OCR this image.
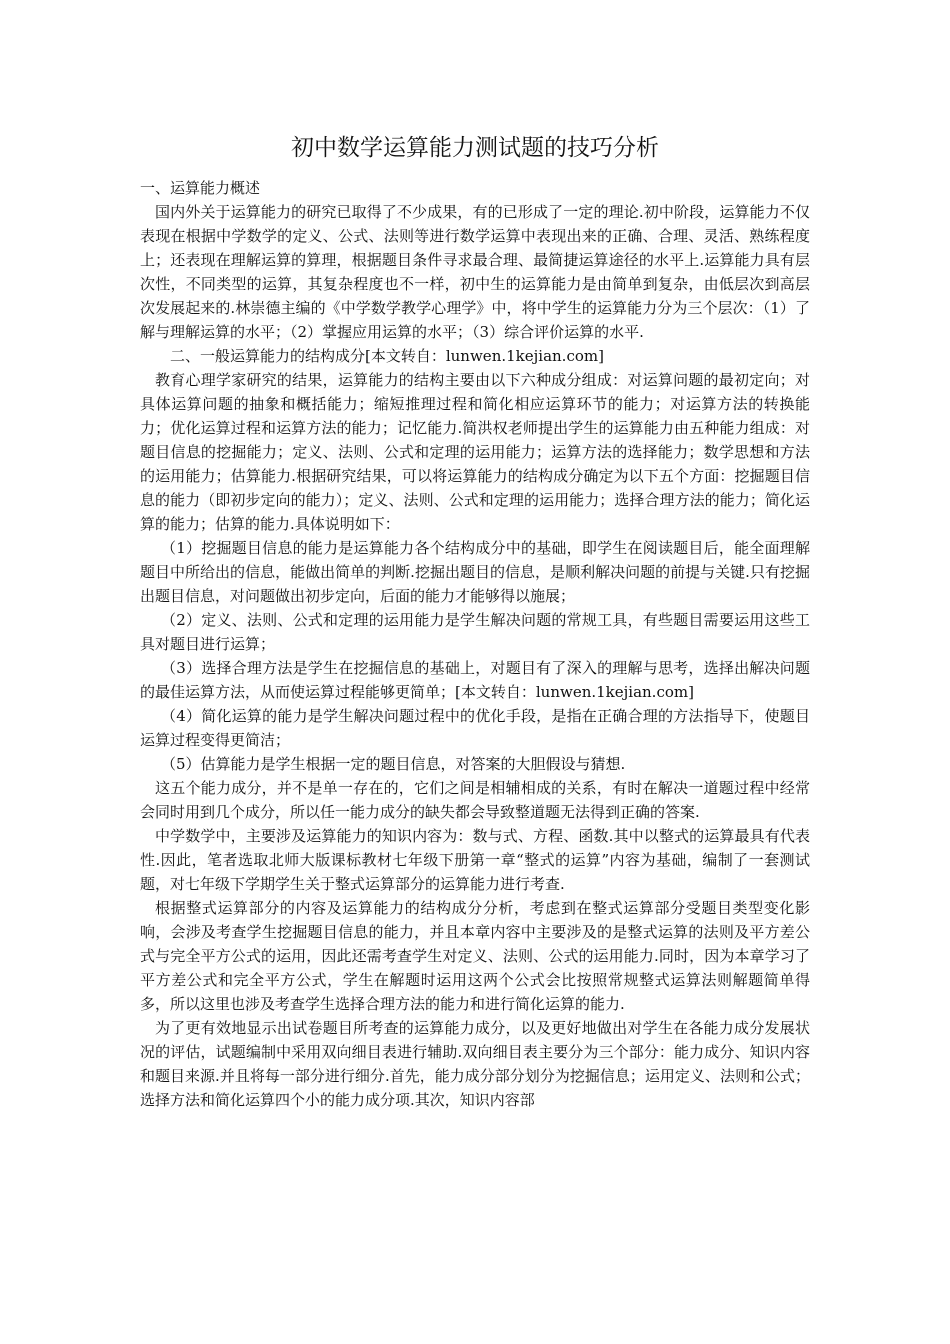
初中数学运算能力测试题的技巧分析

一、运算能力概述

国内外关于运算能力的研究已取得了不少成果，有的已形成了一定的理论.初中阶段，运算能力不仅表现在根据中学数学的定义、公式、法则等进行数学运算中表现出来的正确、合理、灵活、熟练程度上；还表现在理解运算的算理，根据题目条件寻求最合理、最简捷运算途径的水平上.运算能力具有层次性，不同类型的运算，其复杂程度也不一样，初中生的运算能力是由简单到复杂，由低层次到高层次发展起来的.林崇德主编的《中学数学教学心理学》中，将中学生的运算能力分为三个层次：（1）了解与理解运算的水平；（2）掌握应用运算的水平；（3）综合评价运算的水平.

二、一般运算能力的结构成分[本文转自：lunwen.1kejian.com]

教育心理学家研究的结果，运算能力的结构主要由以下六种成分组成：对运算问题的最初定向；对具体运算问题的抽象和概括能力；缩短推理过程和简化相应运算环节的能力；对运算方法的转换能力；优化运算过程和运算方法的能力；记忆能力.简洪权老师提出学生的运算能力由五种能力组成：对题目信息的挖掘能力；定义、法则、公式和定理的运用能力；运算方法的选择能力；数学思想和方法的运用能力；估算能力.根据研究结果，可以将运算能力的结构成分确定为以下五个方面：挖掘题目信息的能力（即初步定向的能力）；定义、法则、公式和定理的运用能力；选择合理方法的能力；简化运算的能力；估算的能力.具体说明如下：

（1）挖掘题目信息的能力是运算能力各个结构成分中的基础，即学生在阅读题目后，能全面理解题目中所给出的信息，能做出简单的判断.挖掘出题目的信息，是顺利解决问题的前提与关键.只有挖掘出题目信息，对问题做出初步定向，后面的能力才能够得以施展；

（2）定义、法则、公式和定理的运用能力是学生解决问题的常规工具，有些题目需要运用这些工具对题目进行运算；

（3）选择合理方法是学生在挖掘信息的基础上，对题目有了深入的理解与思考，选择出解决问题的最佳运算方法，从而使运算过程能够更简单；[本文转自：lunwen.1kejian.com]

（4）简化运算的能力是学生解决问题过程中的优化手段，是指在正确合理的方法指导下，使题目运算过程变得更简洁；

（5）估算能力是学生根据一定的题目信息，对答案的大胆假设与猜想.

这五个能力成分，并不是单一存在的，它们之间是相辅相成的关系，有时在解决一道题过程中经常会同时用到几个成分，所以任一能力成分的缺失都会导致整道题无法得到正确的答案.

中学数学中，主要涉及运算能力的知识内容为：数与式、方程、函数.其中以整式的运算最具有代表性.因此，笔者选取北师大版课标教材七年级下册第一章“整式的运算”内容为基础，编制了一套测试题，对七年级下学期学生关于整式运算部分的运算能力进行考查.

根据整式运算部分的内容及运算能力的结构成分分析，考虑到在整式运算部分受题目类型变化影响，会涉及考查学生挖掘题目信息的能力，并且本章内容中主要涉及的是整式运算的法则及平方差公式与完全平方公式的运用，因此还需考查学生对定义、法则、公式的运用能力.同时，因为本章学习了平方差公式和完全平方公式，学生在解题时运用这两个公式会比按照常规整式运算法则解题简单得多，所以这里也涉及考查学生选择合理方法的能力和进行简化运算的能力.

为了更有效地显示出试卷题目所考查的运算能力成分，以及更好地做出对学生在各能力成分发展状况的评估，试题编制中采用双向细目表进行辅助.双向细目表主要分为三个部分：能力成分、知识内容和题目来源.并且将每一部分进行细分.首先，能力成分部分划分为挖掘信息；运用定义、法则和公式；选择方法和简化运算四个小的能力成分项.其次，知识内容部
